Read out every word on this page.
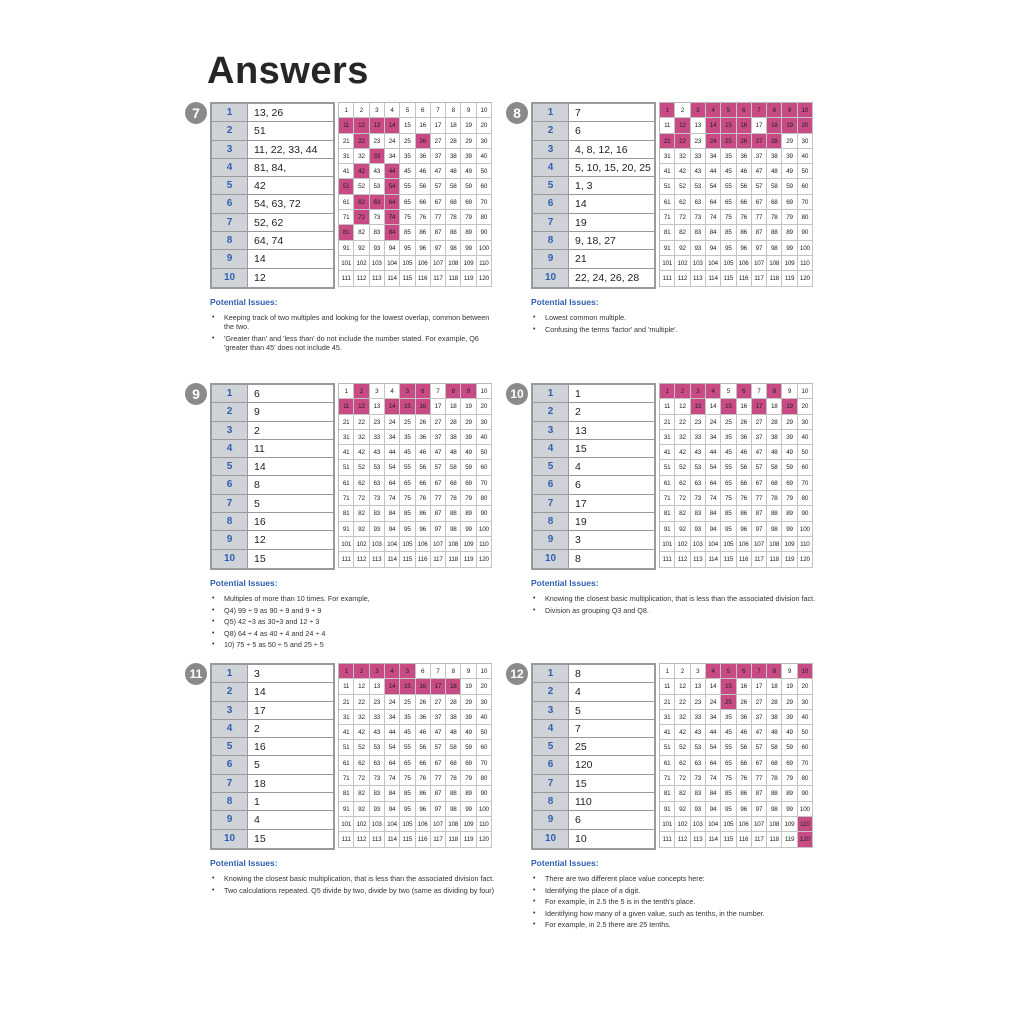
Answers
7	1	13, 26
2	51
3	11, 22, 33, 44
4	81, 84,
5	42
6	54, 63, 72
7	52, 62
8	64, 74
9	14
10	12
1	2	3	4	5	6	7	8	9	10
11	12	13	14	15	16	17	18	19	20
21	22	23	24	25	26	27	28	29	30
31	32	33	34	35	36	37	38	39	40
41	42	43	44	45	46	47	48	49	50
51	52	53	54	55	56	57	58	59	60
61	62	63	64	65	66	67	68	69	70
71	72	73	74	75	76	77	78	79	80
81	82	83	84	85	86	87	88	89	90
91	92	93	94	95	96	97	98	99	100
101 102 103 104 105 106 107 108 109 110
111 112 113 114 115 116 117 118 119 120
Potential Issues:
• Keeping track of two multiples and looking for the lowest overlap, common between the two.
• 'Greater than' and 'less than' do not include the number stated. For example, Q6 'greater than 45' does not include 45.
8	1	7
2	6
3	4, 8, 12, 16
4	5, 10, 15, 20, 25
5	1, 3
6	14
7	19
8	9, 18, 27
9	21
10	22, 24, 26, 28
1	2	3	4	5	6	7	8	9	10
11	12	13	14	15	16	17	18	19	20
21	22	23	24	25	26	27	28	29	30
31	32	33	34	35	36	37	38	39	40
41	42	43	44	45	46	47	48	49	50
51	52	53	54	55	56	57	58	59	60
61	62	63	64	65	66	67	68	69	70
71	72	73	74	75	76	77	78	79	80
81	82	83	84	85	86	87	88	89	90
91	92	93	94	95	96	97	98	99	100
101 102 103 104 105 106 107 108 109 110
111 112 113 114 115 116 117 118 119 120
Potential Issues:
• Lowest common multiple.
• Confusing the terms 'factor' and 'multiple'.
9	1	6
2	9
3	2
4	11
5	14
6	8
7	5
8	16
9	12
10	15
1	2	3	4	5	6	7	8	9	10
11	12	13	14	15	16	17	18	19	20
21	22	23	24	25	26	27	28	29	30
31	32	33	34	35	36	37	38	39	40
41	42	43	44	45	46	47	48	49	50
51	52	53	54	55	56	57	58	59	60
61	62	63	64	65	66	67	68	69	70
71	72	73	74	75	76	77	78	79	80
81	82	83	84	85	86	87	88	89	90
91	92	93	94	95	96	97	98	99	100
101 102 103 104 105 106 107 108 109 110
111 112 113 114 115 116 117 118 119 120
Potential Issues:
• Multiples of more than 10 times. For example,
• Q4) 99 ÷ 9 as 90 ÷ 9 and 9 ÷ 9
• Q5) 42 ÷3 as 30÷3 and 12 ÷ 3
• Q8) 64 ÷ 4 as 40 ÷ 4 and 24 ÷ 4
• 10) 75 ÷ 5 as 50 ÷ 5 and 25 ÷ 5
10	1	1
2	2
3	13
4	15
5	4
6	6
7	17
8	19
9	3
10	8
1	2	3	4	5	6	7	8	9	10
11	12	13	14	15	16	17	18	19	20
21	22	23	24	25	26	27	28	29	30
31	32	33	34	35	36	37	38	39	40
41	42	43	44	45	46	47	48	49	50
51	52	53	54	55	56	57	58	59	60
61	62	63	64	65	66	67	68	69	70
71	72	73	74	75	76	77	78	79	80
81	82	83	84	85	86	87	88	89	90
91	92	93	94	95	96	97	98	99	100
101 102 103 104 105 106 107 108 109 110
111 112 113 114 115 116 117 118 119 120
Potential Issues:
• Knowing the closest basic multiplication, that is less than the associated division fact.
• Division as grouping Q3 and Q8.
11	1	3
2	14
3	17
4	2
5	16
6	5
7	18
8	1
9	4
10	15
1	2	3	4	5	6	7	8	9	10
11	12	13	14	15	16	17	18	19	20
21	22	23	24	25	26	27	28	29	30
31	32	33	34	35	36	37	38	39	40
41	42	43	44	45	46	47	48	49	50
51	52	53	54	55	56	57	58	59	60
61	62	63	64	65	66	67	68	69	70
71	72	73	74	75	76	77	78	79	80
81	82	83	84	85	86	87	88	89	90
91	92	93	94	95	96	97	98	99	100
101 102 103 104 105 106 107 108 109 110
111 112 113 114 115 116 117 118 119 120
Potential Issues:
• Knowing the closest basic multiplication, that is less than the associated division fact.
• Two calculations repeated. Q5 divide by two, divide by two (same as dividing by four)
12	1	8
2	4
3	5
4	7
5	25
6	120
7	15
8	110
9	6
10	10
1	2	3	4	5	6	7	8	9	10
11	12	13	14	15	16	17	18	19	20
21	22	23	24	25	26	27	28	29	30
31	32	33	34	35	36	37	38	39	40
41	42	43	44	45	46	47	48	49	50
51	52	53	54	55	56	57	58	59	60
61	62	63	64	65	66	67	68	69	70
71	72	73	74	75	76	77	78	79	80
81	82	83	84	85	86	87	88	89	90
91	92	93	94	95	96	97	98	99	100
101 102 103 104 105 106 107 108 109 110
111 112 113 114 115 116 117 118 119 120
Potential Issues:
• There are two different place value concepts here:
• Identifying the place of a digit.
• For example, in 2.5 the 5 is in the tenth's place.
• Identifying how many of a given value, such as tenths, in the number.
• For example, in 2.5 there are 25 tenths.
